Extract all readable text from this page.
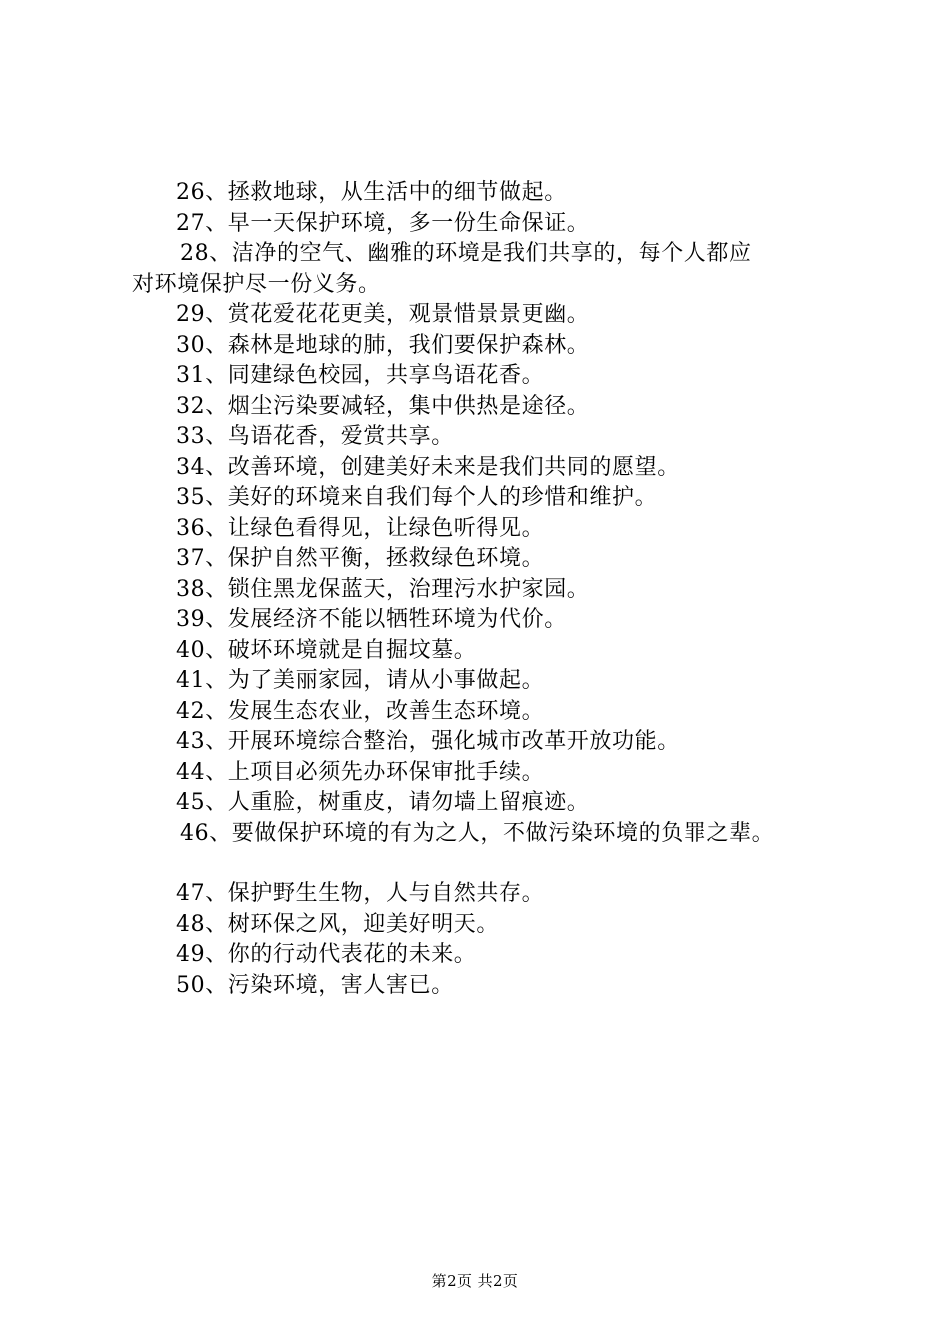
26、拯救地球，从生活中的细节做起。
27、早一天保护环境，多一份生命保证。
28、洁净的空气、幽雅的环境是我们共享的，每个人都应
对环境保护尽一份义务。
29、赏花爱花花更美，观景惜景景更幽。
30、森林是地球的肺，我们要保护森林。
31、同建绿色校园，共享鸟语花香。
32、烟尘污染要减轻，集中供热是途径。
33、鸟语花香，爱赏共享。
34、改善环境，创建美好未来是我们共同的愿望。
35、美好的环境来自我们每个人的珍惜和维护。
36、让绿色看得见，让绿色听得见。
37、保护自然平衡，拯救绿色环境。
38、锁住黑龙保蓝天，治理污水护家园。
39、发展经济不能以牺牲环境为代价。
40、破坏环境就是自掘坟墓。
41、为了美丽家园，请从小事做起。
42、发展生态农业，改善生态环境。
43、开展环境综合整治，强化城市改革开放功能。
44、上项目必须先办环保审批手续。
45、人重脸，树重皮，请勿墙上留痕迹。
46、要做保护环境的有为之人，不做污染环境的负罪之辈。
47、保护野生生物，人与自然共存。
48、树环保之风，迎美好明天。
49、你的行动代表花的未来。
50、污染环境，害人害已。
第2页 共2页
